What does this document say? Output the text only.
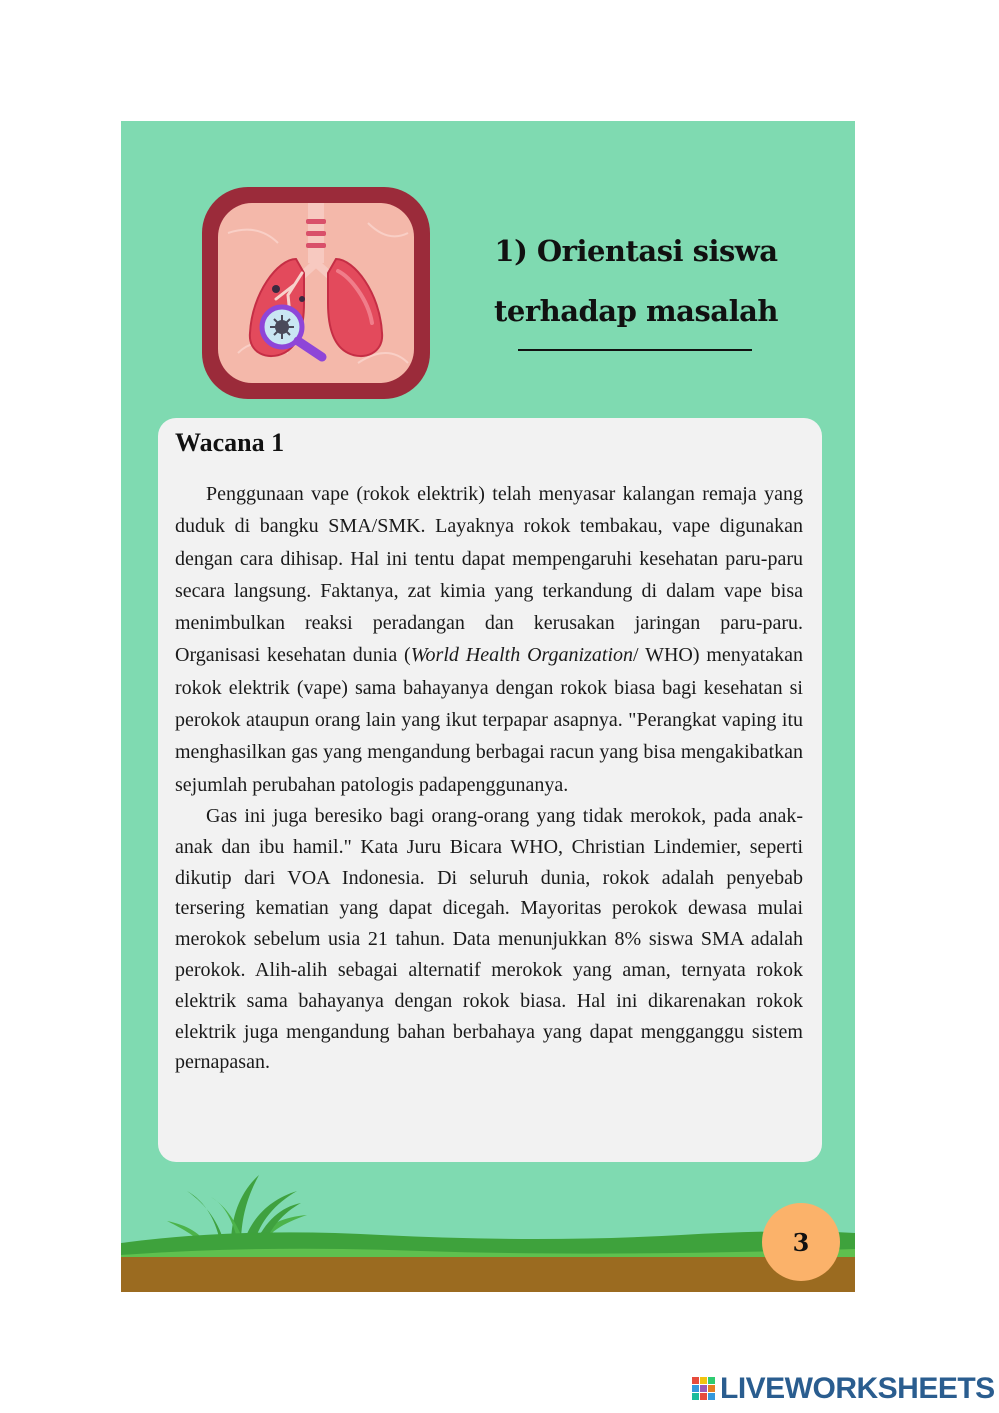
1) Orientasi siswa
terhadap masalah
Wacana 1

Penggunaan vape (rokok elektrik) telah menyasar kalangan remaja yang duduk di bangku SMA/SMK. Layaknya rokok tembakau, vape digunakan dengan cara dihisap. Hal ini tentu dapat mempengaruhi kesehatan paru-paru secara langsung. Faktanya, zat kimia yang terkandung di dalam vape bisa menimbulkan reaksi peradangan dan kerusakan jaringan paru-paru. Organisasi kesehatan dunia (World Health Organization/ WHO) menyatakan rokok elektrik (vape) sama bahayanya dengan rokok biasa bagi kesehatan si perokok ataupun orang lain yang ikut terpapar asapnya. "Perangkat vaping itu menghasilkan gas yang mengandung berbagai racun yang bisa mengakibatkan sejumlah perubahan patologis padapenggunanya.

Gas ini juga beresiko bagi orang-orang yang tidak merokok, pada anak-anak dan ibu hamil." Kata Juru Bicara WHO, Christian Lindemier, seperti dikutip dari VOA Indonesia. Di seluruh dunia, rokok adalah penyebab tersering kematian yang dapat dicegah. Mayoritas perokok dewasa mulai merokok sebelum usia 21 tahun. Data menunjukkan 8% siswa SMA adalah perokok. Alih-alih sebagai alternatif merokok yang aman, ternyata rokok elektrik sama bahayanya dengan rokok biasa. Hal ini dikarenakan rokok elektrik juga mengandung bahan berbahaya yang dapat mengganggu sistem pernapasan.

3
LIVEWORKSHEETS
